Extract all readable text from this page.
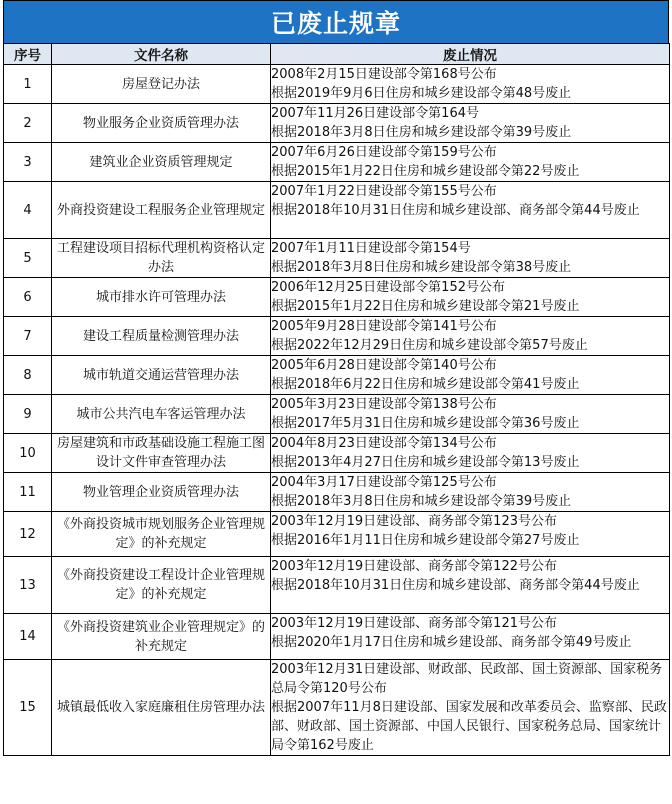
已废止规章
序号	文件名称	废止情况
1	房屋登记办法	2008年2月15日建设部令第168号公布
根据2019年9月6日住房和城乡建设部令第48号废止

2	物业服务企业资质管理办法	2007年11月26日建设部令第164号
根据2018年3月8日住房和城乡建设部令第39号废止

3	建筑业企业资质管理规定	2007年6月26日建设部令第159号公布
根据2015年1月22日住房和城乡建设部令第22号废止

4	外商投资建设工程服务企业管理规定	2007年1月22日建设部令第155号公布
根据2018年10月31日住房和城乡建设部、商务部令第44号废止

5	工程建设项目招标代理机构资格认定办法	2007年1月11日建设部令第154号
根据2018年3月8日住房和城乡建设部令第38号废止

6	城市排水许可管理办法	2006年12月25日建设部令第152号公布
根据2015年1月22日住房和城乡建设部令第21号废止

7	建设工程质量检测管理办法	2005年9月28日建设部令第141号公布
根据2022年12月29日住房和城乡建设部令第57号废止

8	城市轨道交通运营管理办法	2005年6月28日建设部令第140号公布
根据2018年6月22日住房和城乡建设部令第41号废止

9	城市公共汽电车客运管理办法	2005年3月23日建设部令第138号公布
根据2017年5月31日住房和城乡建设部令第36号废止

10	房屋建筑和市政基础设施工程施工图设计文件审查管理办法	2004年8月23日建设部令第134号公布
根据2013年4月27日住房和城乡建设部令第13号废止

11	物业管理企业资质管理办法	2004年3月17日建设部令第125号公布
根据2018年3月8日住房和城乡建设部令第39号废止

12	《外商投资城市规划服务企业管理规定》的补充规定	2003年12月19日建设部、商务部令第123号公布
根据2016年1月11日住房和城乡建设部令第27号废止

13	《外商投资建设工程设计企业管理规定》的补充规定	2003年12月19日建设部、商务部令第122号公布
根据2018年10月31日住房和城乡建设部、商务部令第44号废止

14	《外商投资建筑业企业管理规定》的补充规定	2003年12月19日建设部、商务部令第121号公布
根据2020年1月17日住房和城乡建设部、商务部令第49号废止

15	城镇最低收入家庭廉租住房管理办法	2003年12月31日建设部、财政部、民政部、国土资源部、国家税务总局令第120号公布
根据2007年11月8日建设部、国家发展和改革委员会、监察部、民政部、财政部、国土资源部、中国人民银行、国家税务总局、国家统计局令第162号废止
